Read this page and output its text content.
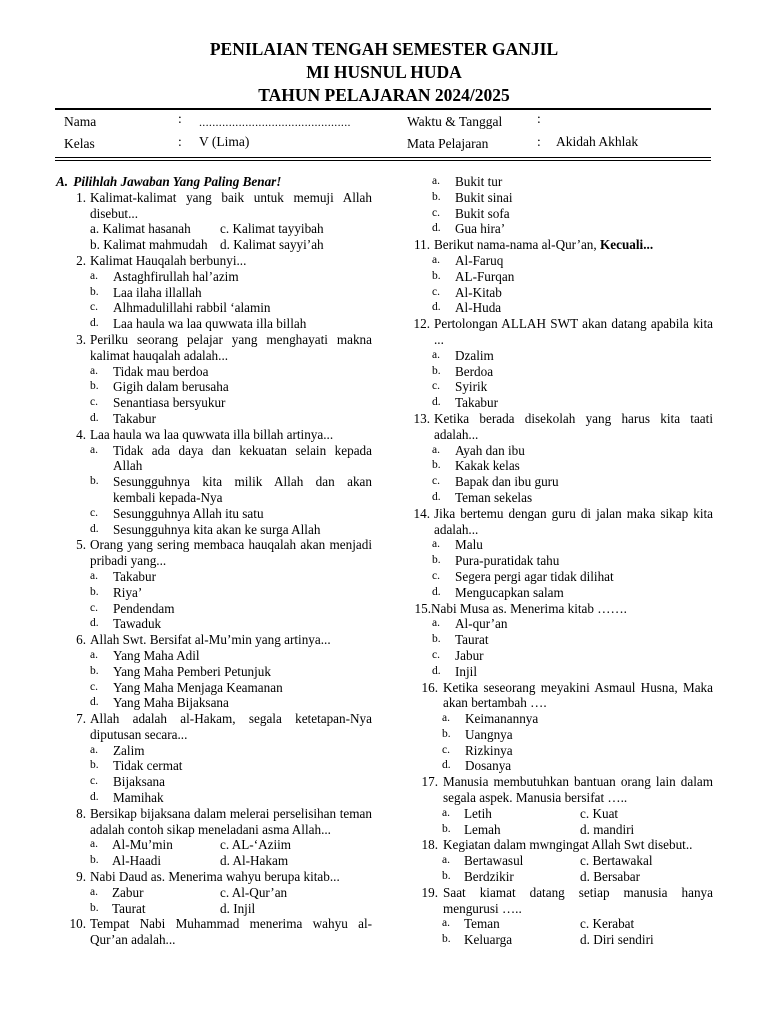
PENILAIAN TENGAH SEMESTER GANJIL
MI HUSNUL HUDA
TAHUN PELAJARAN 2024/2025
Nama	: ..............................................	Waktu & Tanggal	:
Kelas	: V (Lima)	Mata Pelajaran	: Akidah Akhlak
A. Pilihlah Jawaban Yang Paling Benar!
1. Kalimat-kalimat yang baik untuk memuji Allah disebut...
a. Kalimat hasanah	c. Kalimat tayyibah
b. Kalimat mahmudah d. Kalimat sayyi’ah
2. Kalimat Hauqalah berbunyi...
a.	Astaghfirullah hal’azim
b.	Laa ilaha illallah
c.	Alhmadulillahi rabbil ‘alamin
d.	Laa haula wa laa quwwata illa billah
3. Perilku seorang pelajar yang menghayati makna kalimat hauqalah adalah...
a.	Tidak mau berdoa
b.	Gigih dalam berusaha
c.	Senantiasa bersyukur
d.	Takabur
4. Laa haula wa laa quwwata illa billah artinya...
a.	Tidak ada daya dan kekuatan selain kepada Allah
b.	Sesungguhnya kita milik Allah dan akan kembali kepada-Nya
c.	Sesungguhnya Allah itu satu
d.	Sesungguhnya kita akan ke surga Allah
5. Orang yang sering membaca hauqalah akan menjadi pribadi yang...
a.	Takabur
b.	Riya’
c.	Pendendam
d.	Tawaduk
6. Allah Swt. Bersifat al-Mu’min yang artinya...
a.	Yang Maha Adil
b.	Yang Maha Pemberi Petunjuk
c.	Yang Maha Menjaga Keamanan
d.	Yang Maha Bijaksana
7. Allah adalah al-Hakam, segala ketetapan-Nya diputusan secara...
a.	Zalim
b.	Tidak cermat
c.	Bijaksana
d.	Mamihak
8. Bersikap bijaksana dalam melerai perselisihan teman adalah contoh sikap meneladani asma Allah...
a.	Al-Mu’min	c. AL-‘Aziim
b.	Al-Haadi	d. Al-Hakam
9. Nabi Daud as. Menerima wahyu berupa kitab...
a.	Zabur	c. Al-Qur’an
b.	Taurat	d. Injil
10. Tempat Nabi Muhammad menerima wahyu al-Qur’an adalah...
a.	Bukit tur
b.	Bukit sinai
c.	Bukit sofa
d.	Gua hira’
11. Berikut nama-nama al-Qur’an, Kecuali...
a.	Al-Faruq
b.	AL-Furqan
c.	Al-Kitab
d.	Al-Huda
12. Pertolongan ALLAH SWT akan datang apabila kita ...
a.	Dzalim
b.	Berdoa
c.	Syirik
d.	Takabur
13. Ketika berada disekolah yang harus kita taati adalah...
a.	Ayah dan ibu
b.	Kakak kelas
c.	Bapak dan ibu guru
d.	Teman sekelas
14. Jika bertemu dengan guru di jalan maka sikap kita adalah...
a.	Malu
b.	Pura-puratidak tahu
c.	Segera pergi agar tidak dilihat
d.	Mengucapkan salam
15. Nabi Musa as. Menerima kitab …….
a.	Al-qur’an
b.	Taurat
c.	Jabur
d.	Injil
16. Ketika seseorang meyakini Asmaul Husna, Maka akan bertambah ….
a.	Keimanannya
b.	Uangnya
c.	Rizkinya
d.	Dosanya
17. Manusia membutuhkan bantuan orang lain dalam segala aspek. Manusia bersifat …..
a.	Letih	c. Kuat
b.	Lemah	d. mandiri
18. Kegiatan dalam mwngingat Allah Swt disebut..
a.	Bertawasul	c. Bertawakal
b.	Berdzikir	d. Bersabar
19. Saat kiamat datang setiap manusia hanya mengurusi …..
a.	Teman	c. Kerabat
b.	Keluarga	d. Diri sendiri
